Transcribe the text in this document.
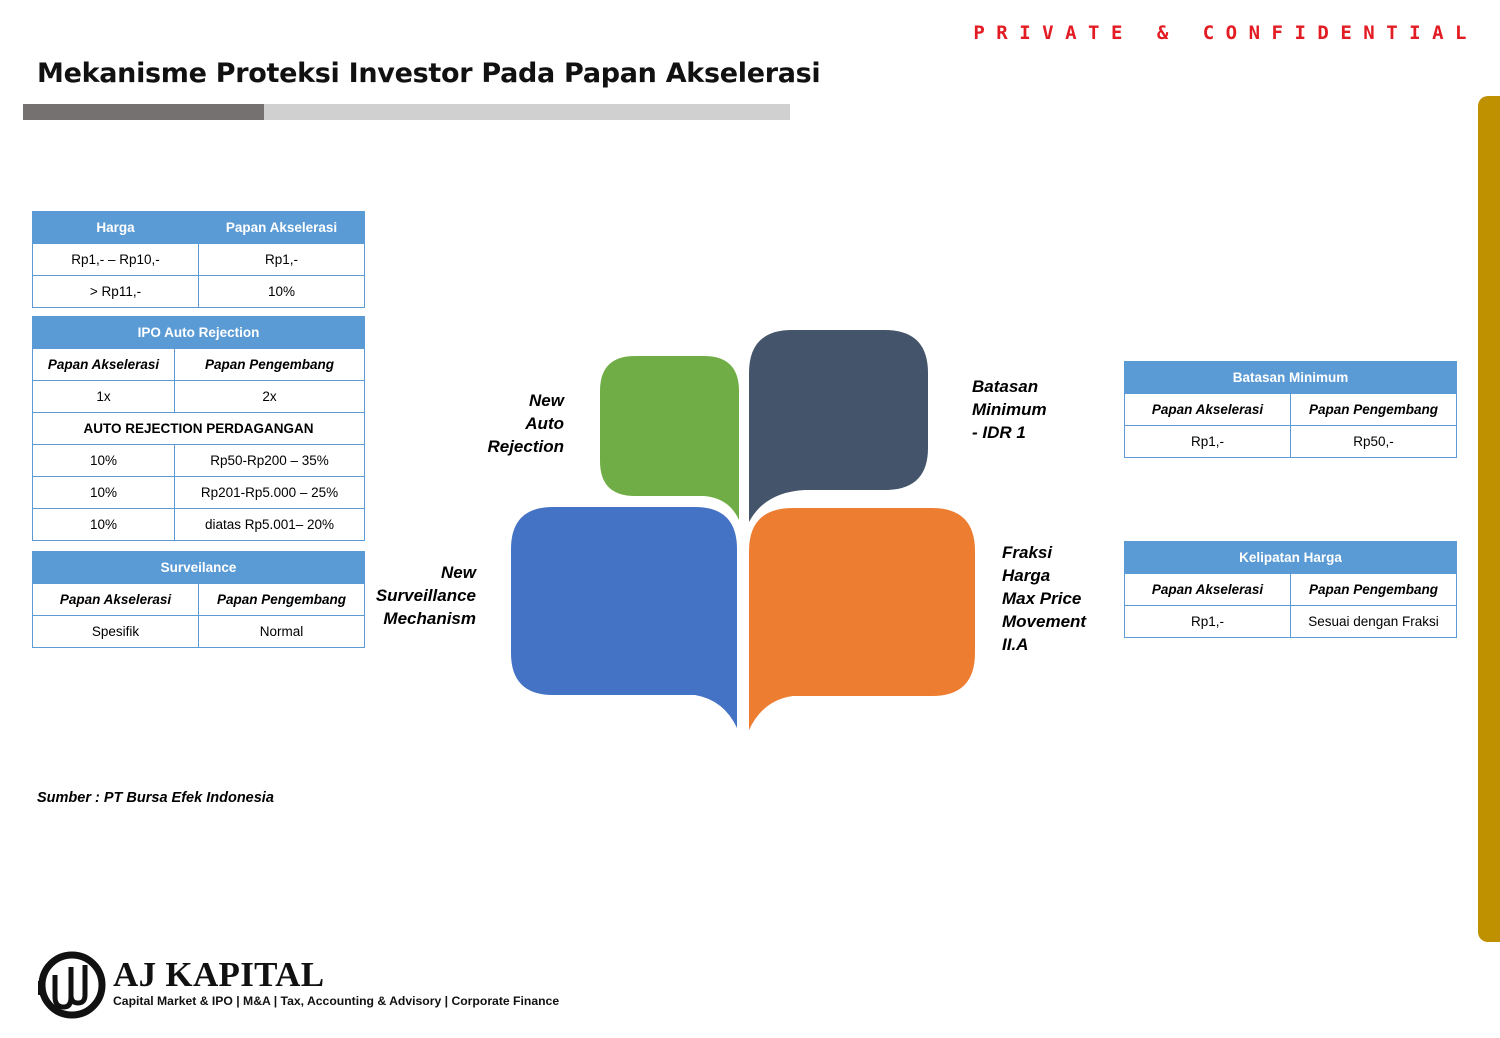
PRIVATE & CONFIDENTIAL
Mekanisme Proteksi Investor Pada Papan Akselerasi
Harga	Papan Akselerasi
Rp1,- – Rp10,-	Rp1,-
> Rp11,-	10%
IPO Auto Rejection	
Papan Akselerasi	Papan Pengembang
1x	2x
AUTO REJECTION PERDAGANGAN	
10%	Rp50-Rp200 – 35%
10%	Rp201-Rp5.000 – 25%
10%	diatas Rp5.001– 20%
Surveilance	
Papan Akselerasi	Papan Pengembang
Spesifik	Normal
Batasan Minimum	
Papan Akselerasi	Papan Pengembang
Rp1,-	Rp50,-
Kelipatan Harga	
Papan Akselerasi	Papan Pengembang
Rp1,-	Sesuai dengan Fraksi
New
Auto
Rejection
Batasan
Minimum
- IDR 1
New
Surveillance
Mechanism
Fraksi
Harga
Max Price
Movement
II.A
Sumber : PT Bursa Efek Indonesia
AJ KAPITAL
Capital Market & IPO | M&A | Tax, Accounting & Advisory | Corporate Finance
